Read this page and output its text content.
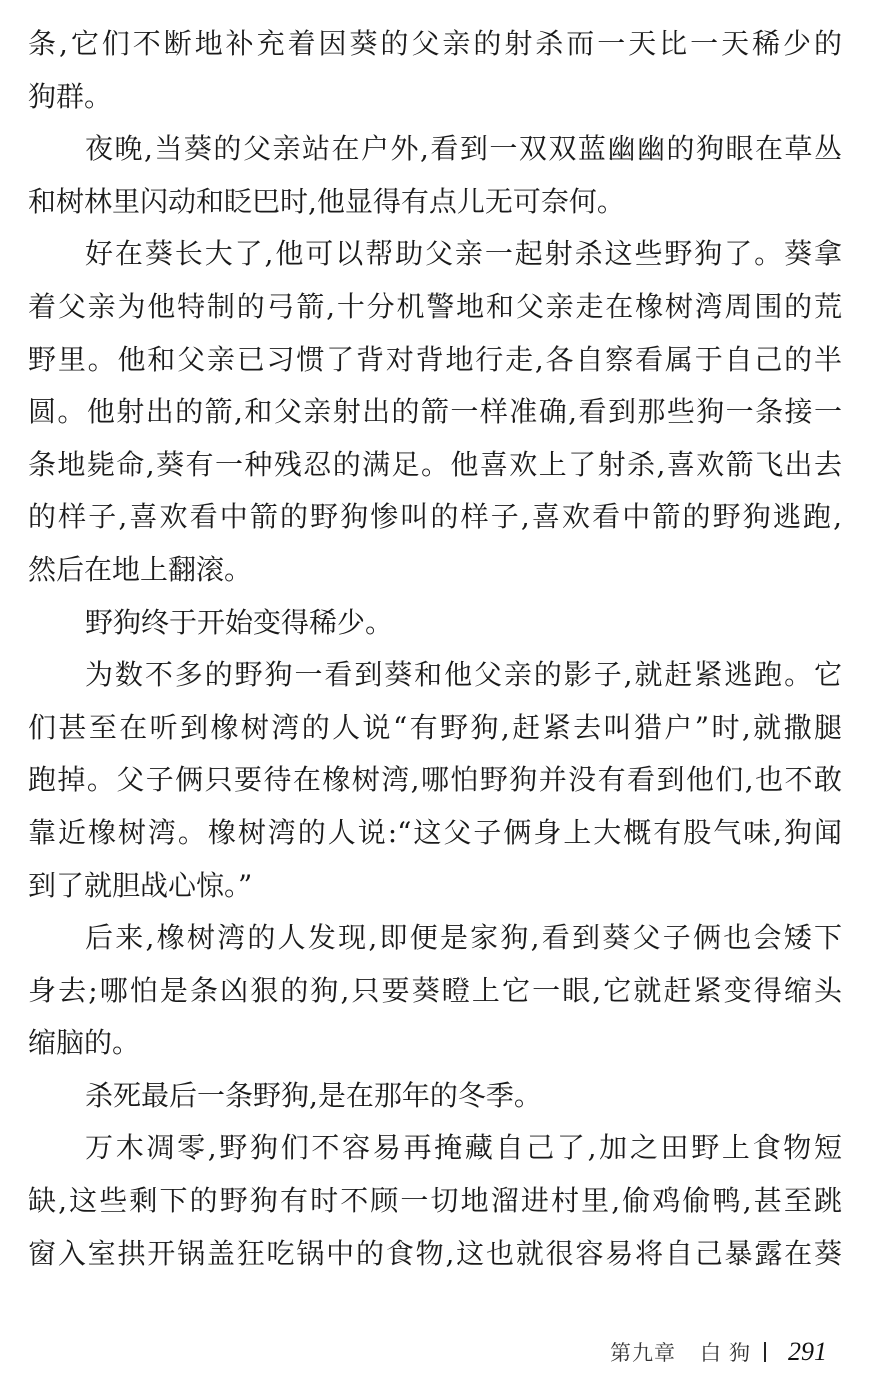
条,它们不断地补充着因葵的父亲的射杀而一天比一天稀少的
狗群。
夜晚,当葵的父亲站在户外,看到一双双蓝幽幽的狗眼在草丛
和树林里闪动和眨巴时,他显得有点儿无可奈何。
好在葵长大了,他可以帮助父亲一起射杀这些野狗了。葵拿
着父亲为他特制的弓箭,十分机警地和父亲走在橡树湾周围的荒
野里。他和父亲已习惯了背对背地行走,各自察看属于自己的半
圆。他射出的箭,和父亲射出的箭一样准确,看到那些狗一条接一
条地毙命,葵有一种残忍的满足。他喜欢上了射杀,喜欢箭飞出去
的样子,喜欢看中箭的野狗惨叫的样子,喜欢看中箭的野狗逃跑,
然后在地上翻滚。
野狗终于开始变得稀少。
为数不多的野狗一看到葵和他父亲的影子,就赶紧逃跑。它
们甚至在听到橡树湾的人说“有野狗,赶紧去叫猎户”时,就撒腿
跑掉。父子俩只要待在橡树湾,哪怕野狗并没有看到他们,也不敢
靠近橡树湾。橡树湾的人说:“这父子俩身上大概有股气味,狗闻
到了就胆战心惊。”
后来,橡树湾的人发现,即便是家狗,看到葵父子俩也会矮下
身去;哪怕是条凶狠的狗,只要葵瞪上它一眼,它就赶紧变得缩头
缩脑的。
杀死最后一条野狗,是在那年的冬季。
万木凋零,野狗们不容易再掩藏自己了,加之田野上食物短
缺,这些剩下的野狗有时不顾一切地溜进村里,偷鸡偷鸭,甚至跳
窗入室拱开锅盖狂吃锅中的食物,这也就很容易将自己暴露在葵
第九章 白狗 291
